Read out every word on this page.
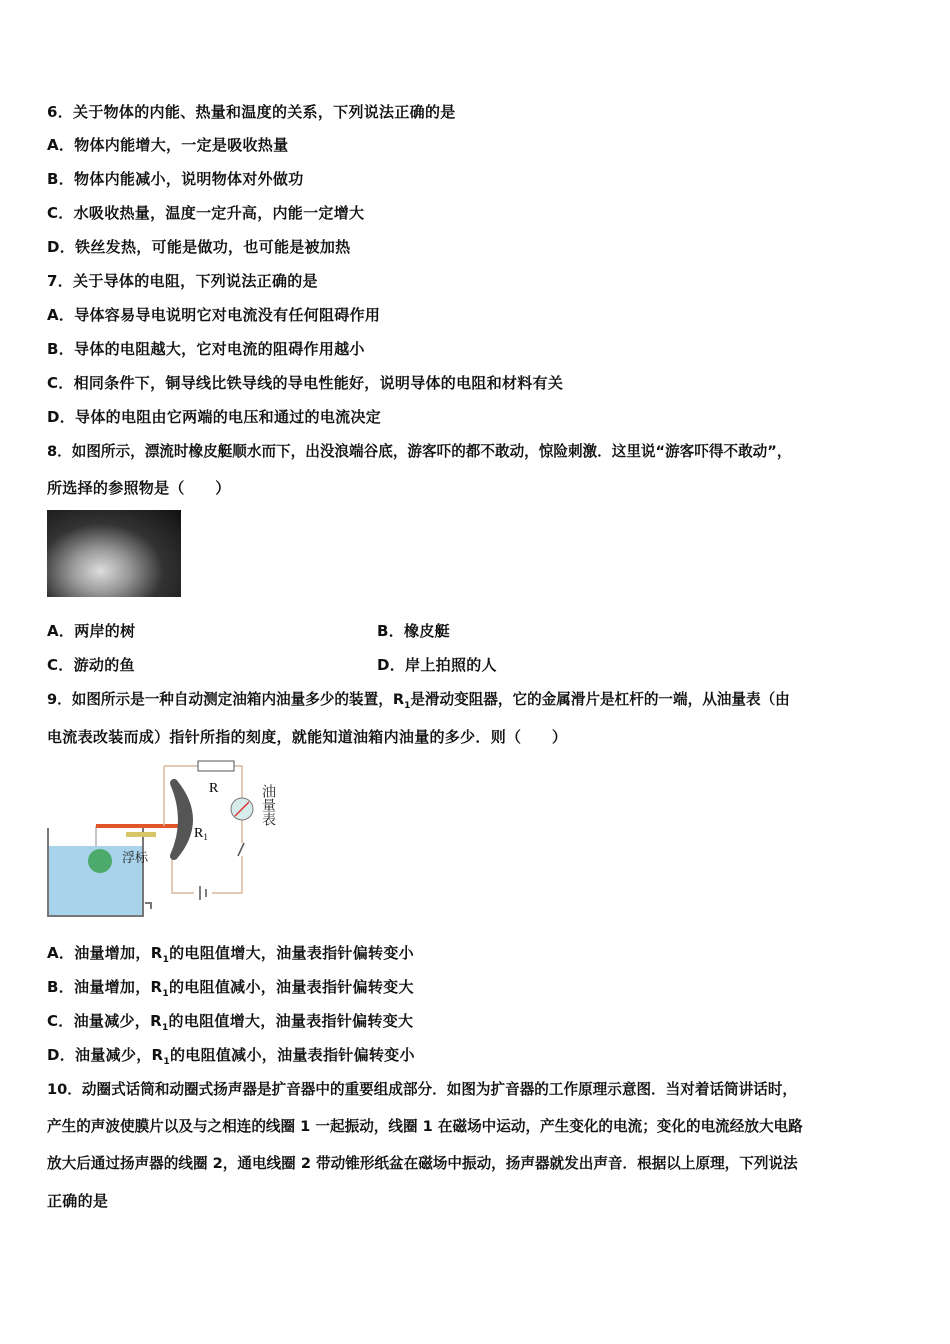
6．关于物体的内能、热量和温度的关系，下列说法正确的是
A．物体内能增大，一定是吸收热量
B．物体内能减小，说明物体对外做功
C．水吸收热量，温度一定升高，内能一定增大
D．铁丝发热，可能是做功，也可能是被加热
7．关于导体的电阻，下列说法正确的是
A．导体容易导电说明它对电流没有任何阻碍作用
B．导体的电阻越大，它对电流的阻碍作用越小
C．相同条件下，铜导线比铁导线的导电性能好，说明导体的电阻和材料有关
D．导体的电阻由它两端的电压和通过的电流决定
8．如图所示，漂流时橡皮艇顺水而下，出没浪端谷底，游客吓的都不敢动，惊险刺激．这里说“游客吓得不敢动”，
所选择的参照物是（　　）
A．两岸的树	B．橡皮艇
C．游动的鱼	D．岸上拍照的人
9．如图所示是一种自动测定油箱内油量多少的装置，$R_1$是滑动变阻器，它的金属滑片是杠杆的一端，从油量表（由
电流表改装而成）指针所指的刻度，就能知道油箱内油量的多少．则（　　）
浮标
R
$R_1$
油量表
A．油量增加，$R_1$的电阻值增大，油量表指针偏转变小
B．油量增加，$R_1$的电阻值减小，油量表指针偏转变大
C．油量减少，$R_1$的电阻值增大，油量表指针偏转变大
D．油量减少，$R_1$的电阻值减小，油量表指针偏转变小
10．动圈式话筒和动圈式扬声器是扩音器中的重要组成部分．如图为扩音器的工作原理示意图．当对着话筒讲话时，
产生的声波使膜片以及与之相连的线圈 1 一起振动，线圈 1 在磁场中运动，产生变化的电流；变化的电流经放大电路
放大后通过扬声器的线圈 2，通电线圈 2 带动锥形纸盆在磁场中振动，扬声器就发出声音．根据以上原理，下列说法
正确的是
